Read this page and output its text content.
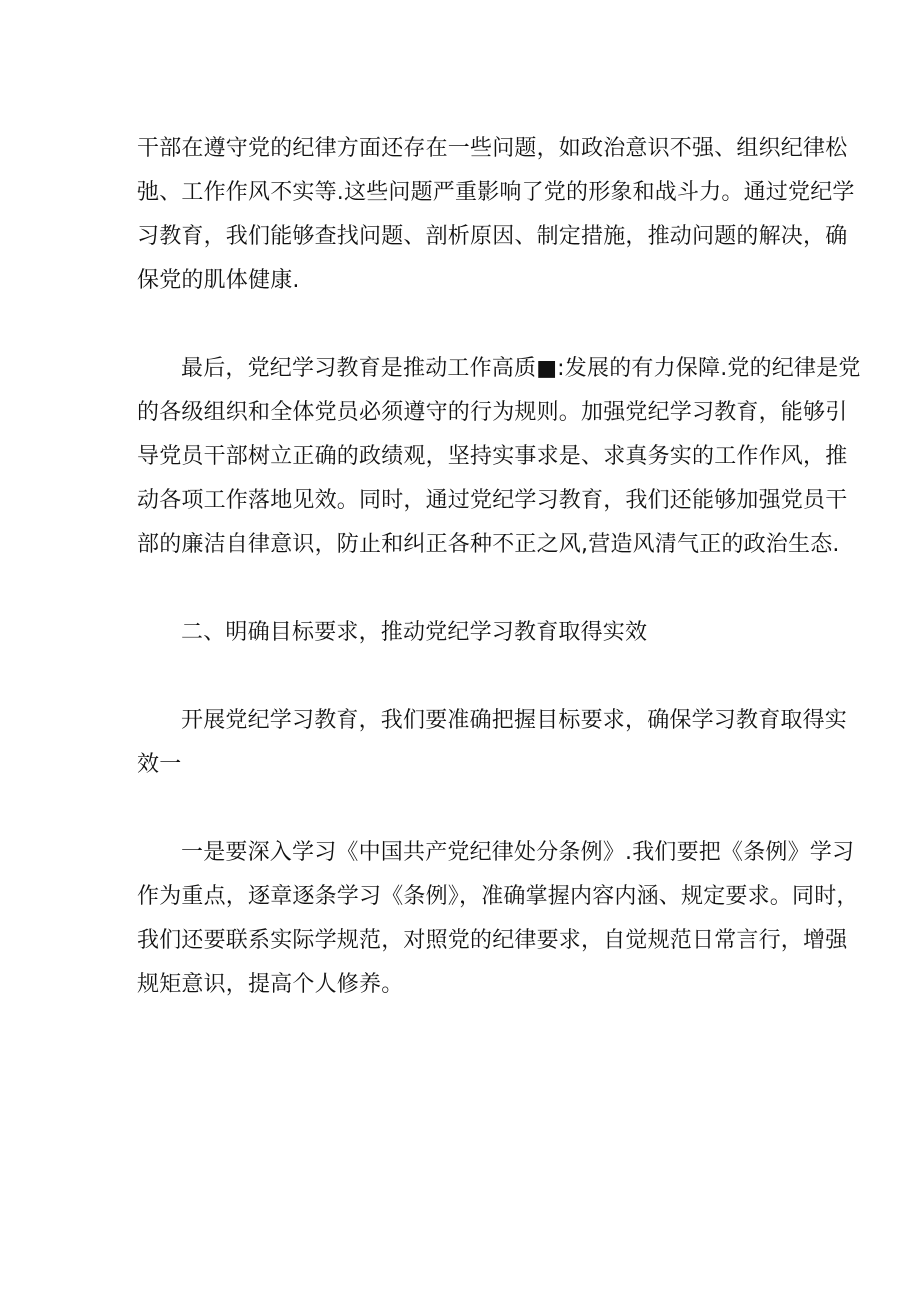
干部在遵守党的纪律方面还存在一些问题，如政治意识不强、组织纪律松
弛、工作作风不实等.这些问题严重影响了党的形象和战斗力。通过党纪学
习教育，我们能够查找问题、剖析原因、制定措施，推动问题的解决，确
保党的肌体健康.
最后，党纪学习教育是推动工作高质■:发展的有力保障.党的纪律是党
的各级组织和全体党员必须遵守的行为规则。加强党纪学习教育，能够引
导党员干部树立正确的政绩观，坚持实事求是、求真务实的工作作风，推
动各项工作落地见效。同时，通过党纪学习教育，我们还能够加强党员干
部的廉洁自律意识，防止和纠正各种不正之风,营造风清气正的政治生态.
二、明确目标要求，推动党纪学习教育取得实效
开展党纪学习教育，我们要准确把握目标要求，确保学习教育取得实
效一
一是要深入学习《中国共产党纪律处分条例》.我们要把《条例》学习
作为重点，逐章逐条学习《条例》，准确掌握内容内涵、规定要求。同时，
我们还要联系实际学规范，对照党的纪律要求，自觉规范日常言行，增强
规矩意识，提高个人修养。
